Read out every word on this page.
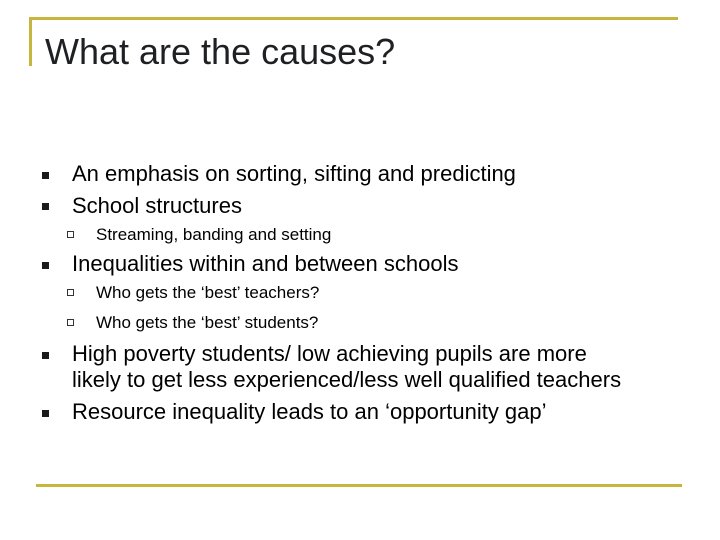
What are the causes?
An emphasis on sorting, sifting and predicting
School structures
Streaming, banding and setting
Inequalities within and between schools
Who gets the ‘best’ teachers?
Who gets the ‘best’ students?
High poverty students/ low achieving pupils are more
likely to get less experienced/less well qualified teachers
Resource inequality leads to an ‘opportunity gap’
